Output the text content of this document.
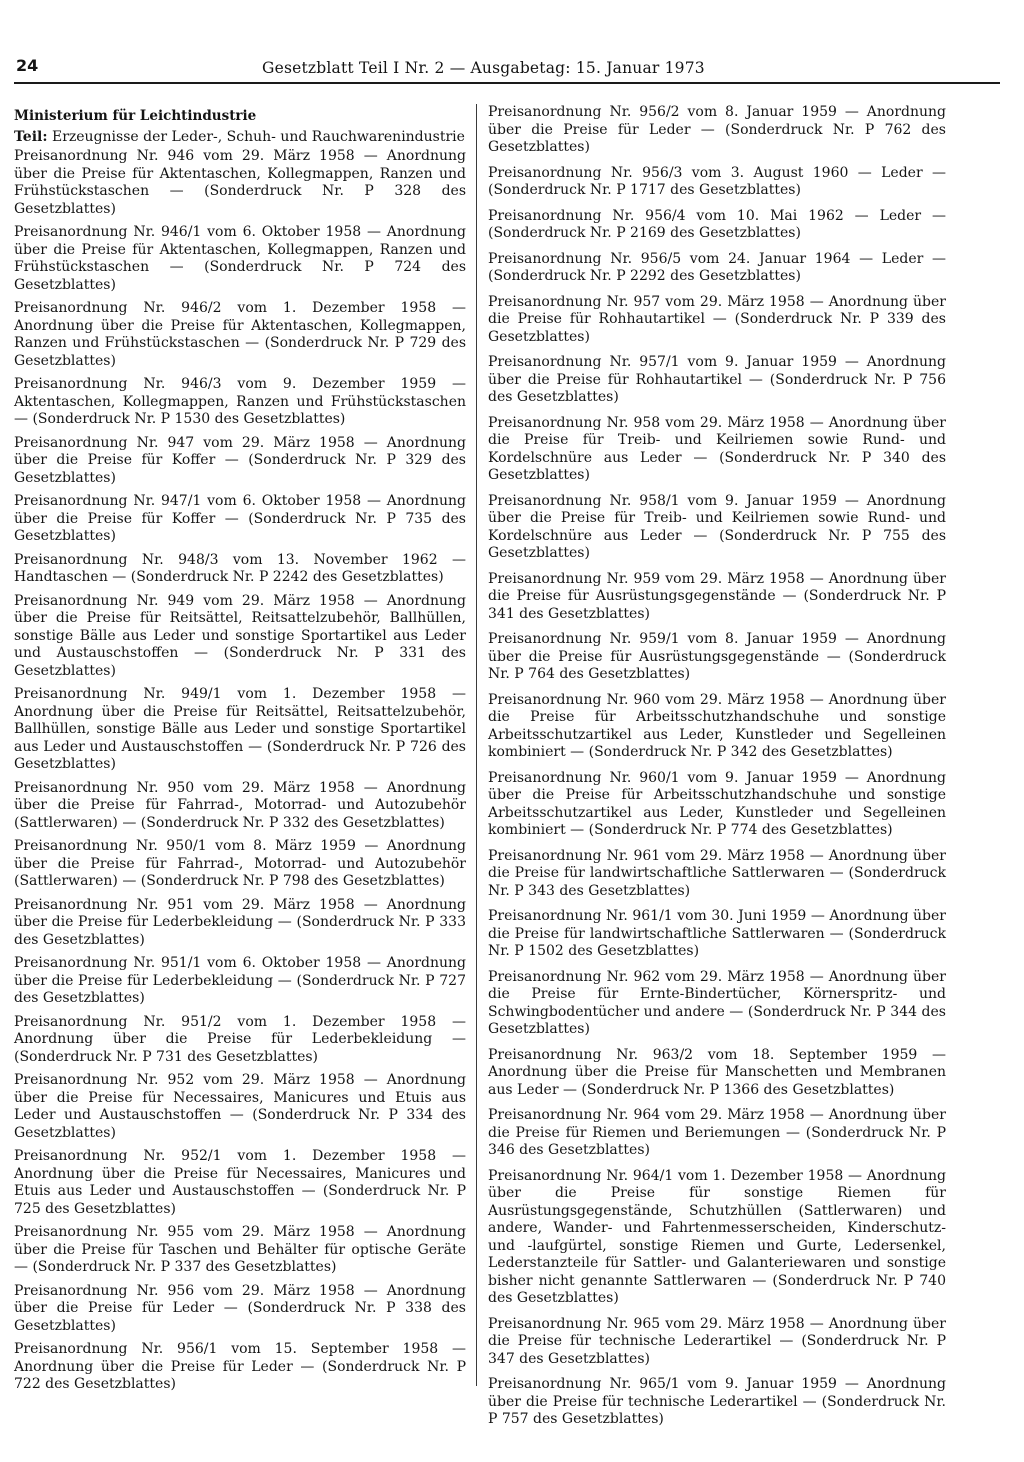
24	Gesetzblatt Teil I Nr. 2 — Ausgabetag: 15. Januar 1973
Ministerium für Leichtindustrie
Teil: Erzeugnisse der Leder-, Schuh- und Rauchwarenindustrie
Preisanordnung Nr. 946 vom 29. März 1958 — Anordnung über die Preise für Aktentaschen, Kollegmappen, Ranzen und Frühstückstaschen — (Sonderdruck Nr. P 328 des Gesetzblattes)
Preisanordnung Nr. 946/1 vom 6. Oktober 1958 — Anordnung über die Preise für Aktentaschen, Kollegmappen, Ranzen und Frühstückstaschen — (Sonderdruck Nr. P 724 des Gesetzblattes)
Preisanordnung Nr. 946/2 vom 1. Dezember 1958 — Anordnung über die Preise für Aktentaschen, Kollegmappen, Ranzen und Frühstückstaschen — (Sonderdruck Nr. P 729 des Gesetzblattes)
Preisanordnung Nr. 946/3 vom 9. Dezember 1959 — Aktentaschen, Kollegmappen, Ranzen und Frühstückstaschen — (Sonderdruck Nr. P 1530 des Gesetzblattes)
Preisanordnung Nr. 947 vom 29. März 1958 — Anordnung über die Preise für Koffer — (Sonderdruck Nr. P 329 des Gesetzblattes)
Preisanordnung Nr. 947/1 vom 6. Oktober 1958 — Anordnung über die Preise für Koffer — (Sonderdruck Nr. P 735 des Gesetzblattes)
Preisanordnung Nr. 948/3 vom 13. November 1962 — Handtaschen — (Sonderdruck Nr. P 2242 des Gesetzblattes)
Preisanordnung Nr. 949 vom 29. März 1958 — Anordnung über die Preise für Reitsättel, Reitsattelzubehör, Ballhüllen, sonstige Bälle aus Leder und sonstige Sportartikel aus Leder und Austauschstoffen — (Sonderdruck Nr. P 331 des Gesetzblattes)
Preisanordnung Nr. 949/1 vom 1. Dezember 1958 — Anordnung über die Preise für Reitsättel, Reitsattelzubehör, Ballhüllen, sonstige Bälle aus Leder und sonstige Sportartikel aus Leder und Austauschstoffen — (Sonderdruck Nr. P 726 des Gesetzblattes)
Preisanordnung Nr. 950 vom 29. März 1958 — Anordnung über die Preise für Fahrrad-, Motorrad- und Autozubehör (Sattlerwaren) — (Sonderdruck Nr. P 332 des Gesetzblattes)
Preisanordnung Nr. 950/1 vom 8. März 1959 — Anordnung über die Preise für Fahrrad-, Motorrad- und Autozubehör (Sattlerwaren) — (Sonderdruck Nr. P 798 des Gesetzblattes)
Preisanordnung Nr. 951 vom 29. März 1958 — Anordnung über die Preise für Lederbekleidung — (Sonderdruck Nr. P 333 des Gesetzblattes)
Preisanordnung Nr. 951/1 vom 6. Oktober 1958 — Anordnung über die Preise für Lederbekleidung — (Sonderdruck Nr. P 727 des Gesetzblattes)
Preisanordnung Nr. 951/2 vom 1. Dezember 1958 — Anordnung über die Preise für Lederbekleidung — (Sonderdruck Nr. P 731 des Gesetzblattes)
Preisanordnung Nr. 952 vom 29. März 1958 — Anordnung über die Preise für Necessaires, Manicures und Etuis aus Leder und Austauschstoffen — (Sonderdruck Nr. P 334 des Gesetzblattes)
Preisanordnung Nr. 952/1 vom 1. Dezember 1958 — Anordnung über die Preise für Necessaires, Manicures und Etuis aus Leder und Austauschstoffen — (Sonderdruck Nr. P 725 des Gesetzblattes)
Preisanordnung Nr. 955 vom 29. März 1958 — Anordnung über die Preise für Taschen und Behälter für optische Geräte — (Sonderdruck Nr. P 337 des Gesetzblattes)
Preisanordnung Nr. 956 vom 29. März 1958 — Anordnung über die Preise für Leder — (Sonderdruck Nr. P 338 des Gesetzblattes)
Preisanordnung Nr. 956/1 vom 15. September 1958 — Anordnung über die Preise für Leder — (Sonderdruck Nr. P 722 des Gesetzblattes)
Preisanordnung Nr. 956/2 vom 8. Januar 1959 — Anordnung über die Preise für Leder — (Sonderdruck Nr. P 762 des Gesetzblattes)
Preisanordnung Nr. 956/3 vom 3. August 1960 — Leder — (Sonderdruck Nr. P 1717 des Gesetzblattes)
Preisanordnung Nr. 956/4 vom 10. Mai 1962 — Leder — (Sonderdruck Nr. P 2169 des Gesetzblattes)
Preisanordnung Nr. 956/5 vom 24. Januar 1964 — Leder — (Sonderdruck Nr. P 2292 des Gesetzblattes)
Preisanordnung Nr. 957 vom 29. März 1958 — Anordnung über die Preise für Rohhautartikel — (Sonderdruck Nr. P 339 des Gesetzblattes)
Preisanordnung Nr. 957/1 vom 9. Januar 1959 — Anordnung über die Preise für Rohhautartikel — (Sonderdruck Nr. P 756 des Gesetzblattes)
Preisanordnung Nr. 958 vom 29. März 1958 — Anordnung über die Preise für Treib- und Keilriemen sowie Rund- und Kordelschnüre aus Leder — (Sonderdruck Nr. P 340 des Gesetzblattes)
Preisanordnung Nr. 958/1 vom 9. Januar 1959 — Anordnung über die Preise für Treib- und Keilriemen sowie Rund- und Kordelschnüre aus Leder — (Sonderdruck Nr. P 755 des Gesetzblattes)
Preisanordnung Nr. 959 vom 29. März 1958 — Anordnung über die Preise für Ausrüstungsgegenstände — (Sonderdruck Nr. P 341 des Gesetzblattes)
Preisanordnung Nr. 959/1 vom 8. Januar 1959 — Anordnung über die Preise für Ausrüstungsgegenstände — (Sonderdruck Nr. P 764 des Gesetzblattes)
Preisanordnung Nr. 960 vom 29. März 1958 — Anordnung über die Preise für Arbeitsschutzhandschuhe und sonstige Arbeitsschutzartikel aus Leder, Kunstleder und Segelleinen kombiniert — (Sonderdruck Nr. P 342 des Gesetzblattes)
Preisanordnung Nr. 960/1 vom 9. Januar 1959 — Anordnung über die Preise für Arbeitsschutzhandschuhe und sonstige Arbeitsschutzartikel aus Leder, Kunstleder und Segelleinen kombiniert — (Sonderdruck Nr. P 774 des Gesetzblattes)
Preisanordnung Nr. 961 vom 29. März 1958 — Anordnung über die Preise für landwirtschaftliche Sattlerwaren — (Sonderdruck Nr. P 343 des Gesetzblattes)
Preisanordnung Nr. 961/1 vom 30. Juni 1959 — Anordnung über die Preise für landwirtschaftliche Sattlerwaren — (Sonderdruck Nr. P 1502 des Gesetzblattes)
Preisanordnung Nr. 962 vom 29. März 1958 — Anordnung über die Preise für Ernte-Bindertücher, Körnerspritz- und Schwingbodentücher und andere — (Sonderdruck Nr. P 344 des Gesetzblattes)
Preisanordnung Nr. 963/2 vom 18. September 1959 — Anordnung über die Preise für Manschetten und Membranen aus Leder — (Sonderdruck Nr. P 1366 des Gesetzblattes)
Preisanordnung Nr. 964 vom 29. März 1958 — Anordnung über die Preise für Riemen und Beriemungen — (Sonderdruck Nr. P 346 des Gesetzblattes)
Preisanordnung Nr. 964/1 vom 1. Dezember 1958 — Anordnung über die Preise für sonstige Riemen für Ausrüstungsgegenstände, Schutzhüllen (Sattlerwaren) und andere, Wander- und Fahrtenmesserscheiden, Kinderschutz- und -laufgürtel, sonstige Riemen und Gurte, Ledersenkel, Lederstanzteile für Sattler- und Galanteriewaren und sonstige bisher nicht genannte Sattlerwaren — (Sonderdruck Nr. P 740 des Gesetzblattes)
Preisanordnung Nr. 965 vom 29. März 1958 — Anordnung über die Preise für technische Lederartikel — (Sonderdruck Nr. P 347 des Gesetzblattes)
Preisanordnung Nr. 965/1 vom 9. Januar 1959 — Anordnung über die Preise für technische Lederartikel — (Sonderdruck Nr. P 757 des Gesetzblattes)
